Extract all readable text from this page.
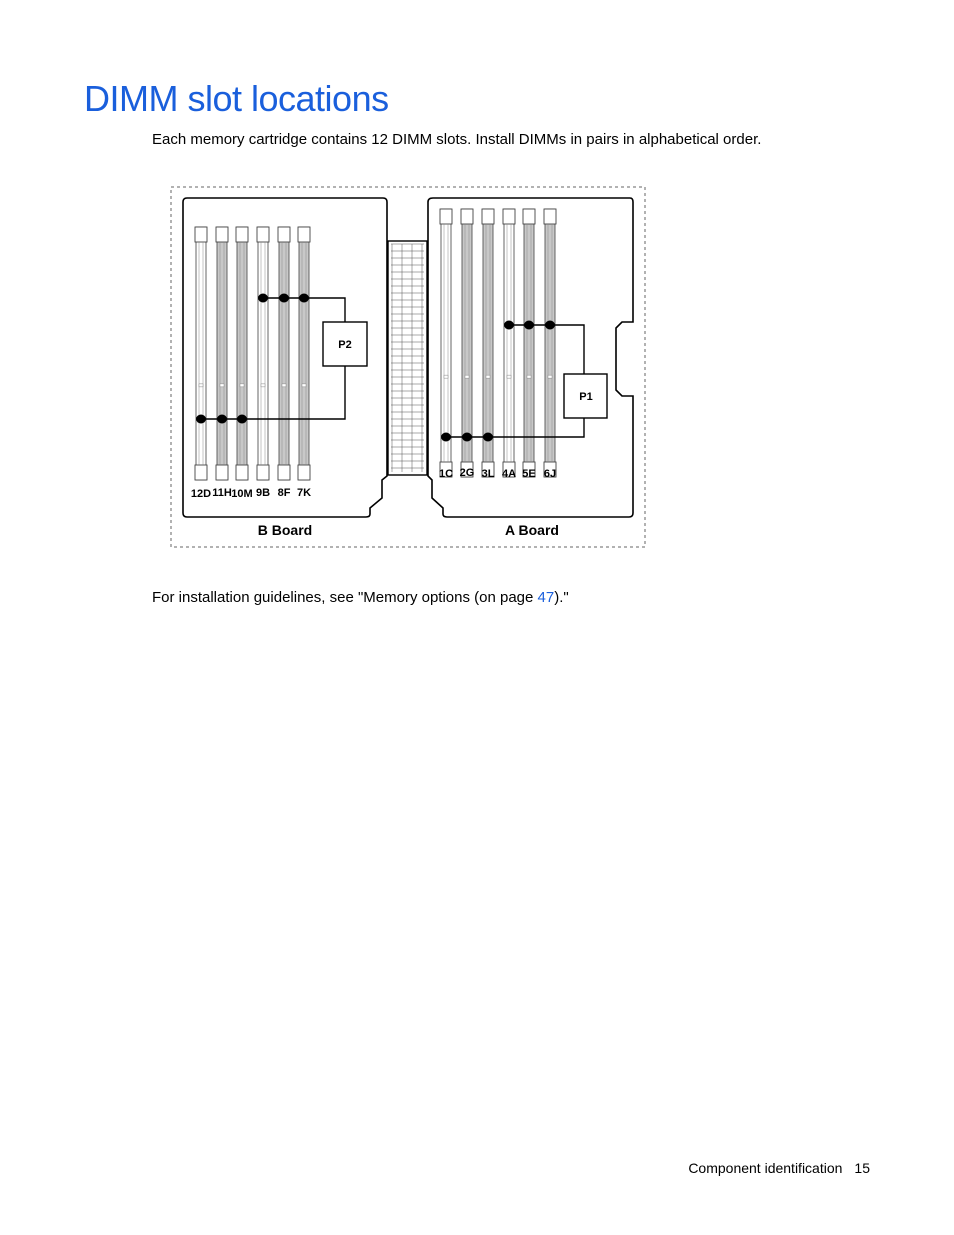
DIMM slot locations

Each memory cartridge contains 12 DIMM slots. Install DIMMs in pairs in alphabetical order.

P2
P1
12D 11H 10M 9B 8F 7K
1C 2G 3L 4A 5E 6J
B Board	A Board

For installation guidelines, see "Memory options (on page 47)."

Component identification 15
